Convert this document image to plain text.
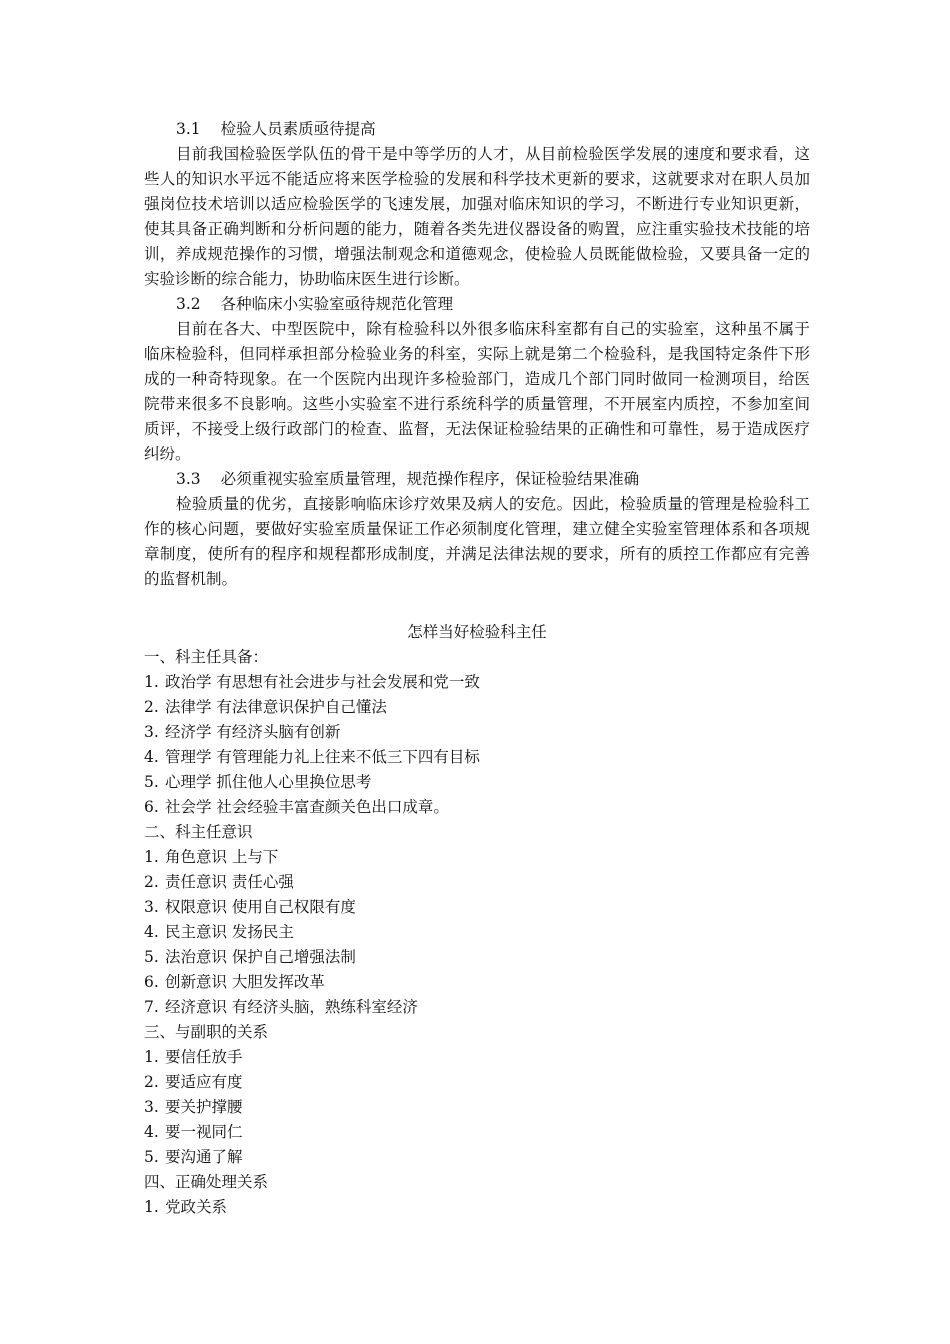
3.1 检验人员素质亟待提高

目前我国检验医学队伍的骨干是中等学历的人才，从目前检验医学发展的速度和要求看，这些人的知识水平远不能适应将来医学检验的发展和科学技术更新的要求，这就要求对在职人员加强岗位技术培训以适应检验医学的飞速发展，加强对临床知识的学习，不断进行专业知识更新，使其具备正确判断和分析问题的能力，随着各类先进仪器设备的购置，应注重实验技术技能的培训，养成规范操作的习惯，增强法制观念和道德观念，使检验人员既能做检验，又要具备一定的实验诊断的综合能力，协助临床医生进行诊断。

3.2 各种临床小实验室亟待规范化管理

目前在各大、中型医院中，除有检验科以外很多临床科室都有自己的实验室，这种虽不属于临床检验科，但同样承担部分检验业务的科室，实际上就是第二个检验科，是我国特定条件下形成的一种奇特现象。在一个医院内出现许多检验部门，造成几个部门同时做同一检测项目，给医院带来很多不良影响。这些小实验室不进行系统科学的质量管理，不开展室内质控，不参加室间质评，不接受上级行政部门的检查、监督，无法保证检验结果的正确性和可靠性，易于造成医疗纠纷。

3.3 必须重视实验室质量管理，规范操作程序，保证检验结果准确

检验质量的优劣，直接影响临床诊疗效果及病人的安危。因此，检验质量的管理是检验科工作的核心问题，要做好实验室质量保证工作必须制度化管理，建立健全实验室管理体系和各项规章制度，使所有的程序和规程都形成制度，并满足法律法规的要求，所有的质控工作都应有完善的监督机制。

怎样当好检验科主任

一、科主任具备：

1. 政治学 有思想有社会进步与社会发展和党一致
2. 法律学 有法律意识保护自己懂法
3. 经济学 有经济头脑有创新
4. 管理学 有管理能力礼上往来不低三下四有目标
5. 心理学 抓住他人心里换位思考
6. 社会学 社会经验丰富查颜关色出口成章。

二、科主任意识

1. 角色意识 上与下
2. 责任意识 责任心强
3. 权限意识 使用自己权限有度
4. 民主意识 发扬民主
5. 法治意识 保护自己增强法制
6. 创新意识 大胆发挥改革
7. 经济意识 有经济头脑，熟练科室经济

三、与副职的关系

1. 要信任放手
2. 要适应有度
3. 要关护撑腰
4. 要一视同仁
5. 要沟通了解

四、正确处理关系

1. 党政关系
